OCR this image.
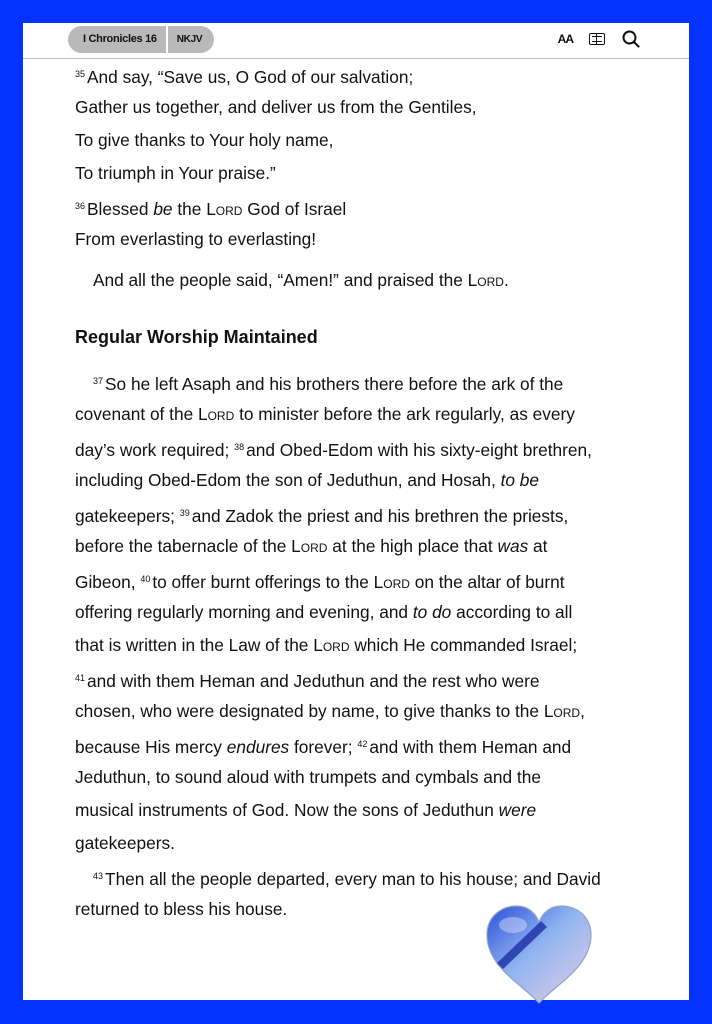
I Chronicles 16	NKJV	AA
$^{35}$ And say, “Save us, O God of our salvation;
Gather us together, and deliver us from the Gentiles,
To give thanks to Your holy name,
To triumph in Your praise.”
$^{36}$ Blessed be the Lord God of Israel
From everlasting to everlasting!
And all the people said, “Amen!” and praised the Lord.
Regular Worship Maintained
$^{37}$ So he left Asaph and his brothers there before the ark of the
covenant of the Lord to minister before the ark regularly, as every
day’s work required; $^{38}$ and Obed-Edom with his sixty-eight brethren,
including Obed-Edom the son of Jeduthun, and Hosah, to be
gatekeepers; $^{39}$ and Zadok the priest and his brethren the priests,
before the tabernacle of the Lord at the high place that was at
Gibeon, $^{40}$ to offer burnt offerings to the Lord on the altar of burnt
offering regularly morning and evening, and to do according to all
that is written in the Law of the Lord which He commanded Israel;
$^{41}$ and with them Heman and Jeduthun and the rest who were
chosen, who were designated by name, to give thanks to the Lord,
because His mercy endures forever; $^{42}$ and with them Heman and
Jeduthun, to sound aloud with trumpets and cymbals and the
musical instruments of God. Now the sons of Jeduthun were
gatekeepers.
$^{43}$ Then all the people departed, every man to his house; and David
returned to bless his house.
